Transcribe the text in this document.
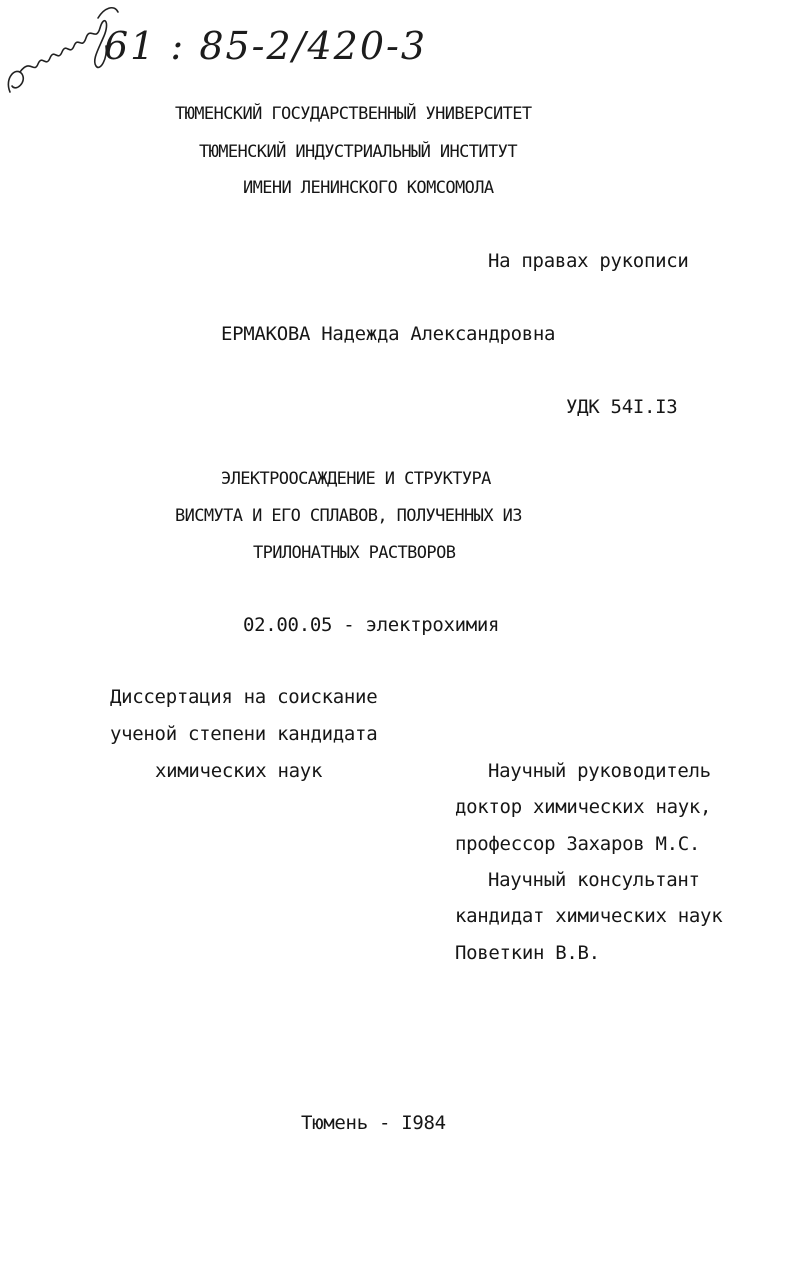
61 : 85-2/420-3
ТЮМЕНСКИЙ ГОСУДАРСТВЕННЫЙ УНИВЕРСИТЕТ
ТЮМЕНСКИЙ ИНДУСТРИАЛЬНЫЙ ИНСТИТУТ
ИМЕНИ ЛЕНИНСКОГО КОМСОМОЛА
На правах рукописи
ЕРМАКОВА Надежда Александровна
УДК 54I.I3
ЭЛЕКТРООСАЖДЕНИЕ И СТРУКТУРА
ВИСМУТА И ЕГО СПЛАВОВ, ПОЛУЧЕННЫХ ИЗ
ТРИЛОНАТНЫХ РАСТВОРОВ
02.00.05 - электрохимия
Диссертация на соискание
ученой степени кандидата
химических наук	Научный руководитель
доктор химических наук,
профессор Захаров М.С.
Научный консультант
кандидат химических наук
Поветкин В.В.
Тюмень - I984
